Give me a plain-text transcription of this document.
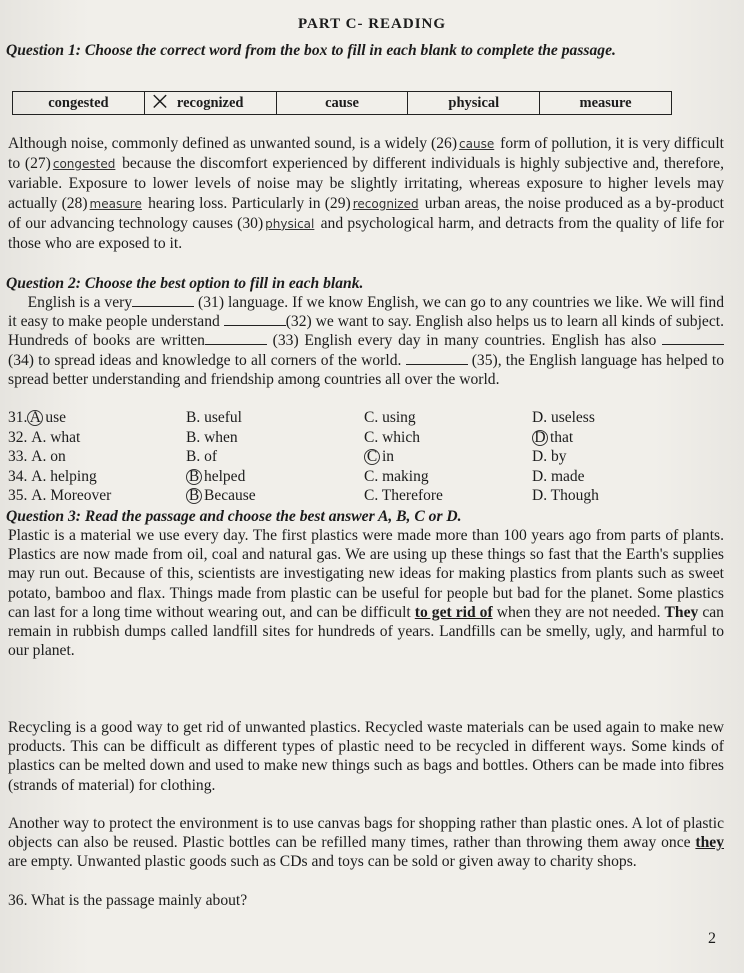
PART C- READING
Question 1: Choose the correct word from the box to fill in each blank to complete the passage.
congested	⨉ recognized	cause	physical	measure
Although noise, commonly defined as unwanted sound, is a widely (26) cause form of pollution, it is very difficult to (27) congested because the discomfort experienced by different individuals is highly subjective and, therefore, variable. Exposure to lower levels of noise may be slightly irritating, whereas exposure to higher levels may actually (28) measure hearing loss. Particularly in (29) recognized urban areas, the noise produced as a by-product of our advancing technology causes (30) physical and psychological harm, and detracts from the quality of life for those who are exposed to it.
Question 2: Choose the best option to fill in each blank.
English is a very	(31) language. If we know English, we can go to any countries we like. We will find it easy to make people understand	(32) we want to say. English also helps us to learn all kinds of subject. Hundreds of books are written	(33) English every day in many countries. English has also  (34) to spread ideas and knowledge to all corners of the world.	(35), the English language has helped to spread better understanding and friendship among countries all over the world.
31. A use	B. useful	C. using	D. useless
32. A. what	B. when	C. which	D that
33. A. on	B. of	C in	D. by
34. A. helping	B helped	C. making	D. made
35. A. Moreover	B Because	C. Therefore	D. Though
Question 3: Read the passage and choose the best answer A, B, C or D.
Plastic is a material we use every day. The first plastics were made more than 100 years ago from parts of plants. Plastics are now made from oil, coal and natural gas. We are using up these things so fast that the Earth's supplies may run out. Because of this, scientists are investigating new ideas for making plastics from plants such as sweet potato, bamboo and flax. Things made from plastic can be useful for people but bad for the planet. Some plastics can last for a long time without wearing out, and can be difficult to get rid of when they are not needed. They can remain in rubbish dumps called landfill sites for hundreds of years. Landfills can be smelly, ugly, and harmful to our planet.
Recycling is a good way to get rid of unwanted plastics. Recycled waste materials can be used again to make new products. This can be difficult as different types of plastic need to be recycled in different ways. Some kinds of plastics can be melted down and used to make new things such as bags and bottles. Others can be made into fibres (strands of material) for clothing.
Another way to protect the environment is to use canvas bags for shopping rather than plastic ones. A lot of plastic objects can also be reused. Plastic bottles can be refilled many times, rather than throwing them away once they are empty. Unwanted plastic goods such as CDs and toys can be sold or given away to charity shops.
36. What is the passage mainly about?
2
